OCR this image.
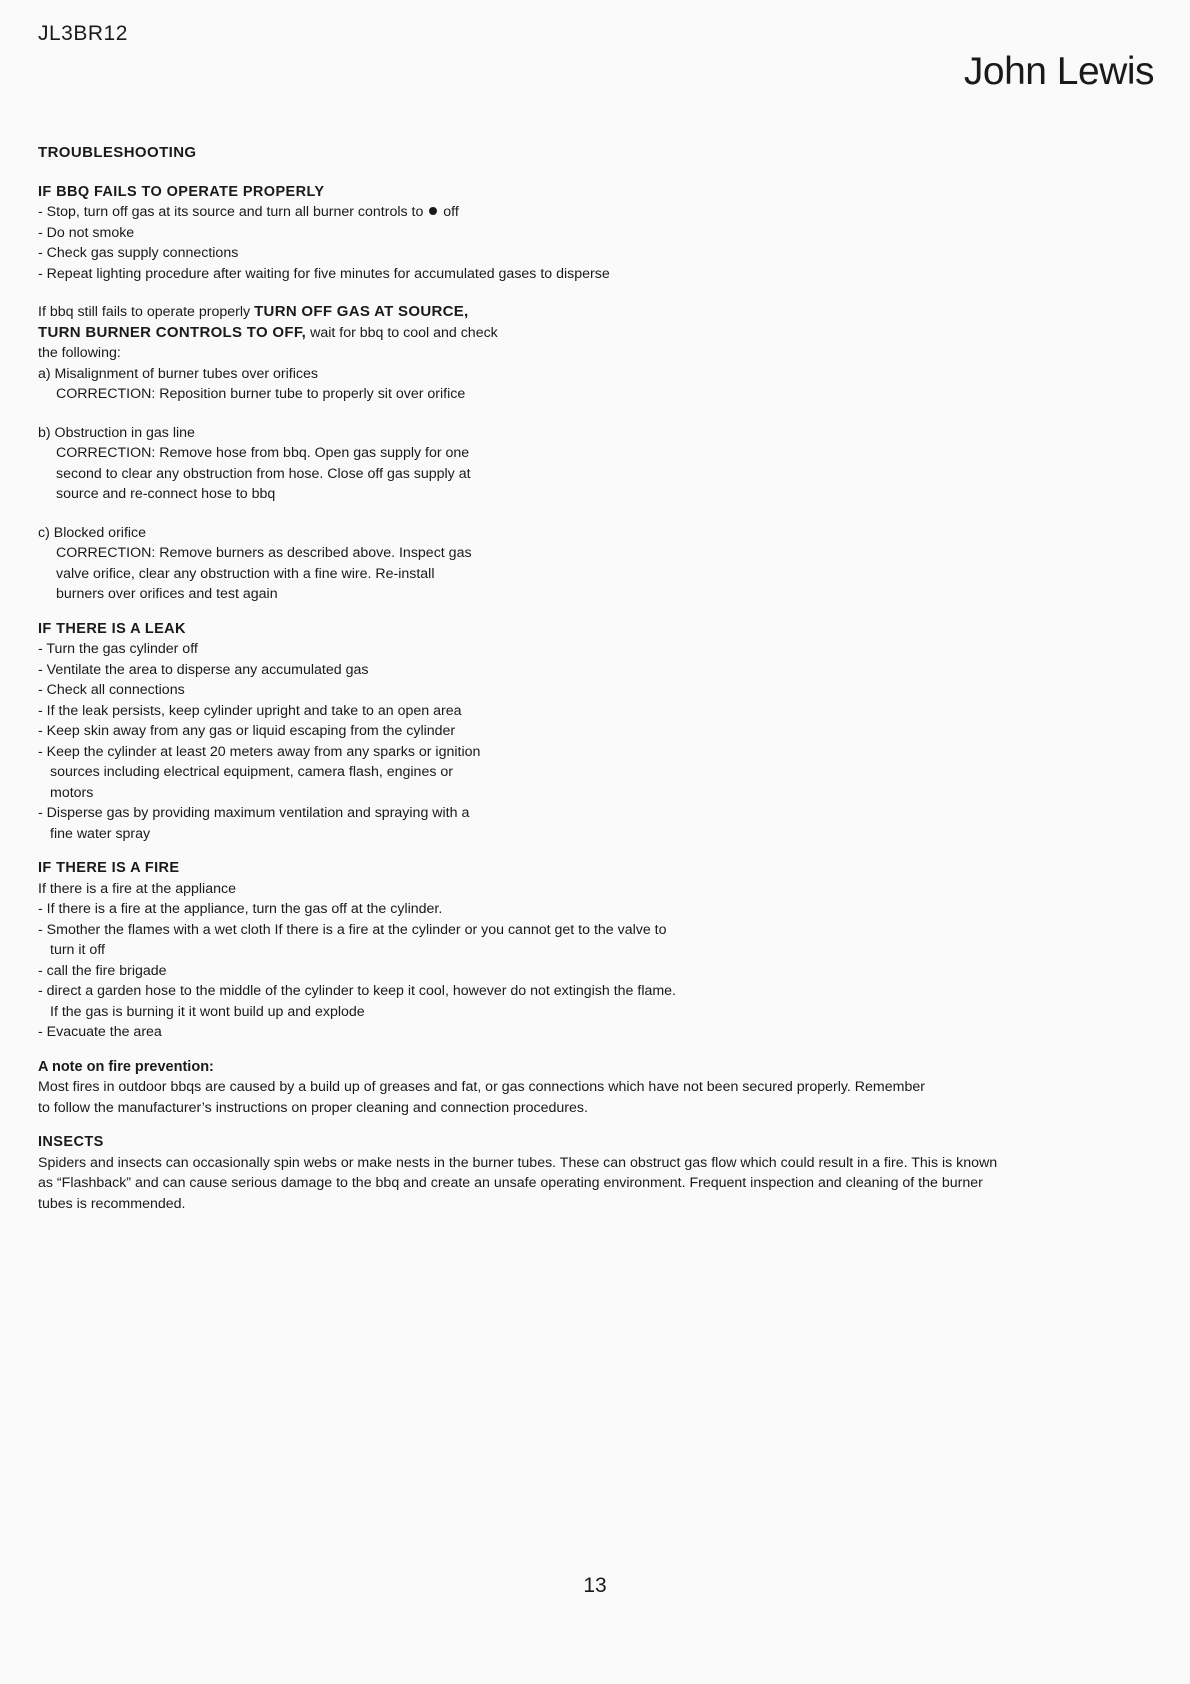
JL3BR12
John Lewis
TROUBLESHOOTING
IF BBQ FAILS TO OPERATE PROPERLY
- Stop, turn off gas at its source and turn all burner controls to off
- Do not smoke
- Check gas supply connections
- Repeat lighting procedure after waiting for five minutes for accumulated gases to disperse
If bbq still fails to operate properly TURN OFF GAS AT SOURCE,
TURN BURNER CONTROLS TO OFF, wait for bbq to cool and check
the following:
a) Misalignment of burner tubes over orifices
CORRECTION: Reposition burner tube to properly sit over orifice
b) Obstruction in gas line
CORRECTION: Remove hose from bbq. Open gas supply for one
second to clear any obstruction from hose. Close off gas supply at
source and re-connect hose to bbq
c) Blocked orifice
CORRECTION: Remove burners as described above. Inspect gas
valve orifice, clear any obstruction with a fine wire. Re-install
burners over orifices and test again
IF THERE IS A LEAK
- Turn the gas cylinder off
- Ventilate the area to disperse any accumulated gas
- Check all connections
- If the leak persists, keep cylinder upright and take to an open area
- Keep skin away from any gas or liquid escaping from the cylinder
- Keep the cylinder at least 20 meters away from any sparks or ignition
sources including electrical equipment, camera flash, engines or
motors
- Disperse gas by providing maximum ventilation and spraying with a
fine water spray
IF THERE IS A FIRE
If there is a fire at the appliance
- If there is a fire at the appliance, turn the gas off at the cylinder.
- Smother the flames with a wet cloth If there is a fire at the cylinder or you cannot get to the valve to
turn it off
- call the fire brigade
- direct a garden hose to the middle of the cylinder to keep it cool, however do not extingish the flame.
If the gas is burning it it wont build up and explode
- Evacuate the area
A note on fire prevention:
Most fires in outdoor bbqs are caused by a build up of greases and fat, or gas connections which have not been secured properly. Remember
to follow the manufacturer’s instructions on proper cleaning and connection procedures.
INSECTS
Spiders and insects can occasionally spin webs or make nests in the burner tubes. These can obstruct gas flow which could result in a fire. This is known
as “Flashback” and can cause serious damage to the bbq and create an unsafe operating environment. Frequent inspection and cleaning of the burner
tubes is recommended.
13
